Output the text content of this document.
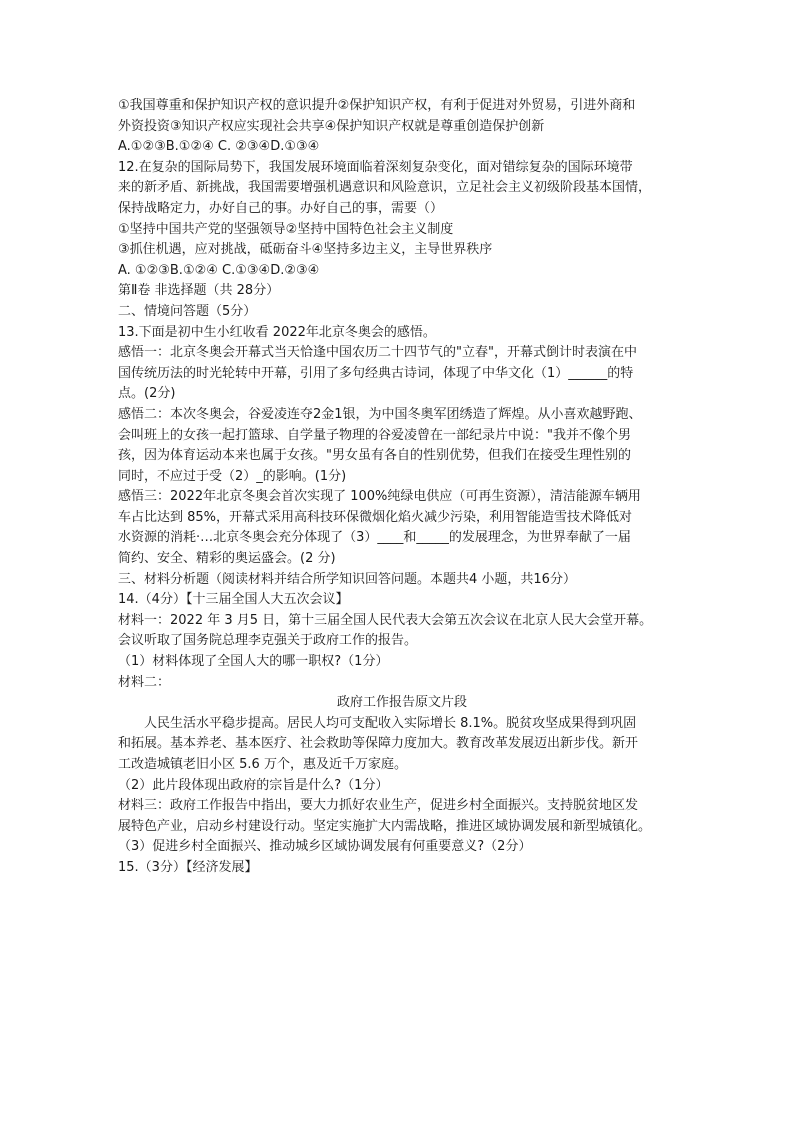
①我国尊重和保护知识产权的意识提升②保护知识产权，有利于促进对外贸易，引进外商和
外资投资③知识产权应实现社会共享④保护知识产权就是尊重创造保护创新
A.①②③B.①②④ C. ②③④D.①③④
12.在复杂的国际局势下，我国发展环境面临着深刻复杂变化，面对错综复杂的国际环境带
来的新矛盾、新挑战，我国需要增强机遇意识和风险意识，立足社会主义初级阶段基本国情，
保持战略定力，办好自己的事。办好自己的事，需要（）
①坚持中国共产党的坚强领导②坚持中国特色社会主义制度
③抓住机遇，应对挑战，砥砺奋斗④坚持多边主义，主导世界秩序
A. ①②③B.①②④ C.①③④D.②③④
第Ⅱ卷 非选择题（共 28分）
二、情境问答题（5分）
13.下面是初中生小红收看 2022年北京冬奥会的感悟。
感悟一：北京冬奥会开幕式当天恰逢中国农历二十四节气的"立春"，开幕式倒计时表演在中
国传统历法的时光轮转中开幕，引用了多句经典古诗词，体现了中华文化（1）______的特
点。(2分)
感悟二：本次冬奥会，谷爱凌连夺2金1银，为中国冬奥军团绣造了辉煌。从小喜欢越野跑、
会叫班上的女孩一起打篮球、自学量子物理的谷爱凌曾在一部纪录片中说："我并不像个男
孩，因为体育运动本来也属于女孩。"男女虽有各自的性别优势，但我们在接受生理性别的
同时，不应过于受（2）_的影响。(1分)
感悟三：2022年北京冬奥会首次实现了 100%纯绿电供应（可再生资源），清洁能源车辆用
车占比达到 85%，开幕式采用高科技环保微烟化焰火减少污染，利用智能造雪技术降低对
水资源的消耗·…北京冬奥会充分体现了（3）____和_____的发展理念，为世界奉献了一届
简约、安全、精彩的奥运盛会。(2 分)
三、材料分析题（阅读材料并结合所学知识回答问题。本题共4 小题，共16分）
14.（4分）【十三届全国人大五次会议】
材料一：2022 年 3 月5 日，第十三届全国人民代表大会第五次会议在北京人民大会堂开幕。
会议听取了国务院总理李克强关于政府工作的报告。
（1）材料体现了全国人大的哪一职权?（1分）
材料二：
政府工作报告原文片段
人民生活水平稳步提高。居民人均可支配收入实际增长 8.1%。脱贫攻坚成果得到巩固
和拓展。基本养老、基本医疗、社会救助等保障力度加大。教育改革发展迈出新步伐。新开
工改造城镇老旧小区 5.6 万个，惠及近千万家庭。
（2）此片段体现出政府的宗旨是什么?（1分）
材料三：政府工作报告中指出，要大力抓好农业生产，促进乡村全面振兴。支持脱贫地区发
展特色产业，启动乡村建设行动。坚定实施扩大内需战略，推进区域协调发展和新型城镇化。
（3）促进乡村全面振兴、推动城乡区域协调发展有何重要意义?（2分）
15.（3分）【经济发展】
